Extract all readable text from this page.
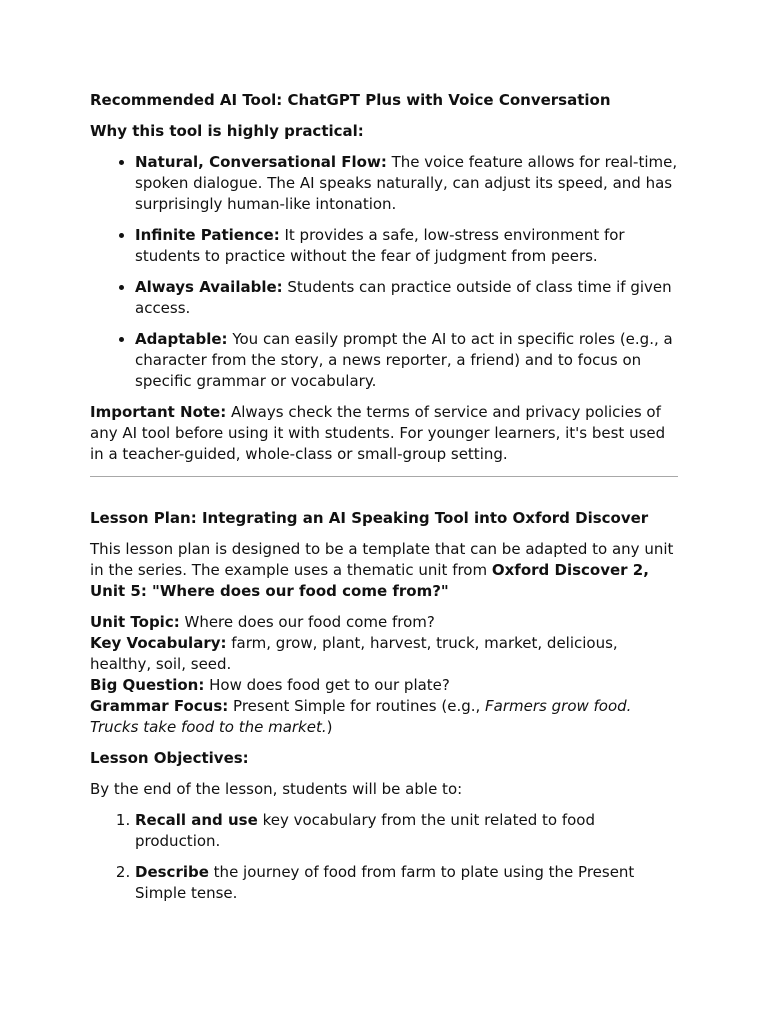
Recommended AI Tool: ChatGPT Plus with Voice Conversation

Why this tool is highly practical:

• Natural, Conversational Flow: The voice feature allows for real-time, spoken dialogue. The AI speaks naturally, can adjust its speed, and has surprisingly human-like intonation.
• Infinite Patience: It provides a safe, low-stress environment for students to practice without the fear of judgment from peers.
• Always Available: Students can practice outside of class time if given access.
• Adaptable: You can easily prompt the AI to act in specific roles (e.g., a character from the story, a news reporter, a friend) and to focus on specific grammar or vocabulary.

Important Note: Always check the terms of service and privacy policies of any AI tool before using it with students. For younger learners, it's best used in a teacher-guided, whole-class or small-group setting.

Lesson Plan: Integrating an AI Speaking Tool into Oxford Discover

This lesson plan is designed to be a template that can be adapted to any unit in the series. The example uses a thematic unit from Oxford Discover 2, Unit 5: "Where does our food come from?"

Unit Topic: Where does our food come from?
Key Vocabulary: farm, grow, plant, harvest, truck, market, delicious, healthy, soil, seed.
Big Question: How does food get to our plate?
Grammar Focus: Present Simple for routines (e.g., Farmers grow food. Trucks take food to the market.)

Lesson Objectives:

By the end of the lesson, students will be able to:

1. Recall and use key vocabulary from the unit related to food production.
2. Describe the journey of food from farm to plate using the Present Simple tense.
